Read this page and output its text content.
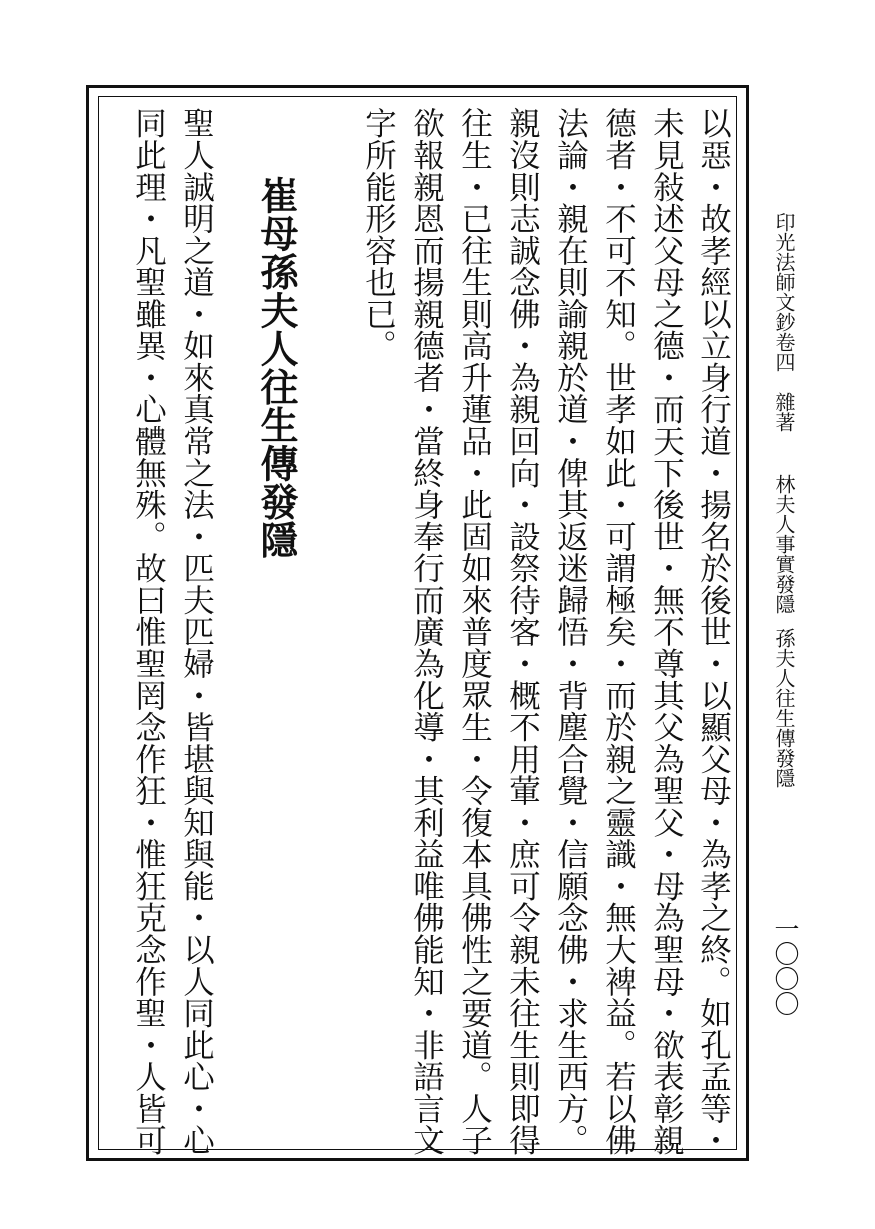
印光法師文鈔卷四
雜著
林夫人事實發隱
孫夫人往生傳發隱
一〇〇〇
以惡・故孝經以立身行道・揚名於後世・以顯父母・為孝之終。如孔孟等・
未見敍述父母之德・而天下後世・無不尊其父為聖父・母為聖母・欲表彰親
德者・不可不知。世孝如此・可謂極矣・而於親之靈識・無大裨益。若以佛
法論・親在則諭親於道・俾其返迷歸悟・背塵合覺・信願念佛・求生西方。
親沒則志誠念佛・為親回向・設祭待客・概不用葷・庶可令親未往生則即得
往生・已往生則高升蓮品・此固如來普度眾生・令復本具佛性之要道。人子
欲報親恩而揚親德者・當終身奉行而廣為化導・其利益唯佛能知・非語言文
字所能形容也已。
崔母孫夫人往生傳發隱
聖人誠明之道・如來真常之法・匹夫匹婦・皆堪與知與能・以人同此心・心
同此理・凡聖雖異・心體無殊。故曰惟聖罔念作狂・惟狂克念作聖・人皆可
